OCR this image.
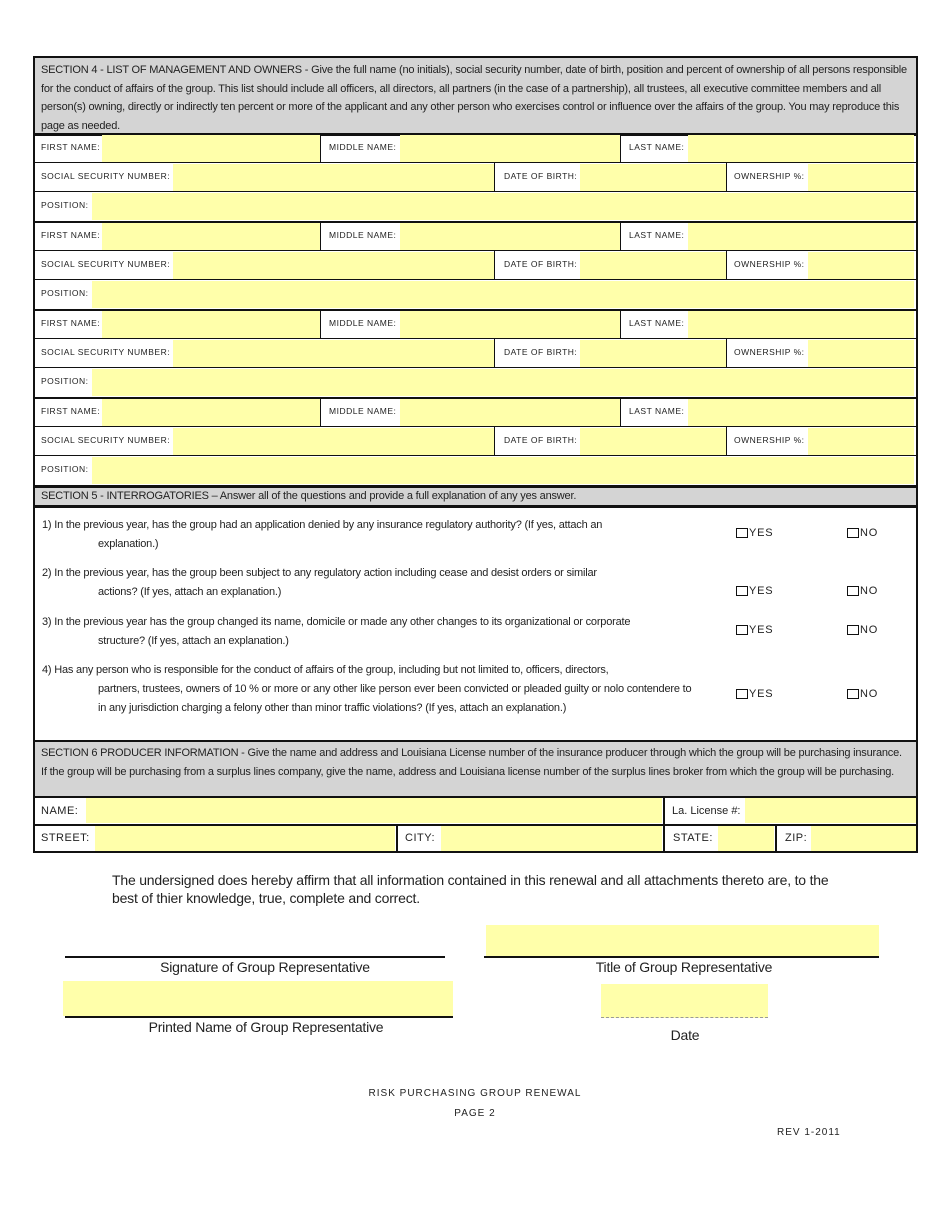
SECTION 4 - LIST OF MANAGEMENT AND OWNERS - Give the full name (no initials), social security number, date of birth, position and percent of ownership of all persons responsible for the conduct of affairs of the group. This list should include all officers, all directors, all partners (in the case of a partnership), all trustees, all executive committee members and all person(s) owning, directly or indirectly ten percent or more of the applicant and any other person who exercises control or influence over the affairs of the group. You may reproduce this page as needed.
FIRST NAME:	MIDDLE NAME:	LAST NAME:
SOCIAL SECURITY NUMBER:	DATE OF BIRTH:	OWNERSHIP %:
POSITION:
FIRST NAME:	MIDDLE NAME:	LAST NAME:
SOCIAL SECURITY NUMBER:	DATE OF BIRTH:	OWNERSHIP %:
POSITION:
FIRST NAME:	MIDDLE NAME:	LAST NAME:
SOCIAL SECURITY NUMBER:	DATE OF BIRTH:	OWNERSHIP %:
POSITION:
FIRST NAME:	MIDDLE NAME:	LAST NAME:
SOCIAL SECURITY NUMBER:	DATE OF BIRTH:	OWNERSHIP %:
POSITION:
SECTION 5 - INTERROGATORIES – Answer all of the questions and provide a full explanation of any yes answer.
1) In the previous year, has the group had an application denied by any insurance regulatory authority? (If yes, attach an
explanation.)
YES	NO
2) In the previous year, has the group been subject to any regulatory action including cease and desist orders or similar
actions? (If yes, attach an explanation.)	YES	NO
3) In the previous year has the group changed its name, domicile or made any other changes to its organizational or corporate
structure? (If yes, attach an explanation.)
YES	NO
4) Has any person who is responsible for the conduct of affairs of the group, including but not limited to, officers, directors,
partners, trustees, owners of 10 % or more or any other like person ever been convicted or pleaded guilty or nolo contendere to in any jurisdiction charging a felony other than minor traffic violations? (If yes, attach an explanation.)
YES	NO
SECTION 6 PRODUCER INFORMATION - Give the name and address and Louisiana License number of the insurance producer through which the group will be purchasing insurance. If the group will be purchasing from a surplus lines company, give the name, address and Louisiana license number of the surplus lines broker from which the group will be purchasing.
NAME:	La. License #:
STREET:	CITY:	STATE:	ZIP:
The undersigned does hereby affirm that all information contained in this renewal and all attachments thereto are, to the best of thier knowledge, true, complete and correct.
Signature of Group Representative	Title of Group Representative
Printed Name of Group Representative	Date
RISK PURCHASING GROUP RENEWAL
PAGE 2
REV 1-2011
